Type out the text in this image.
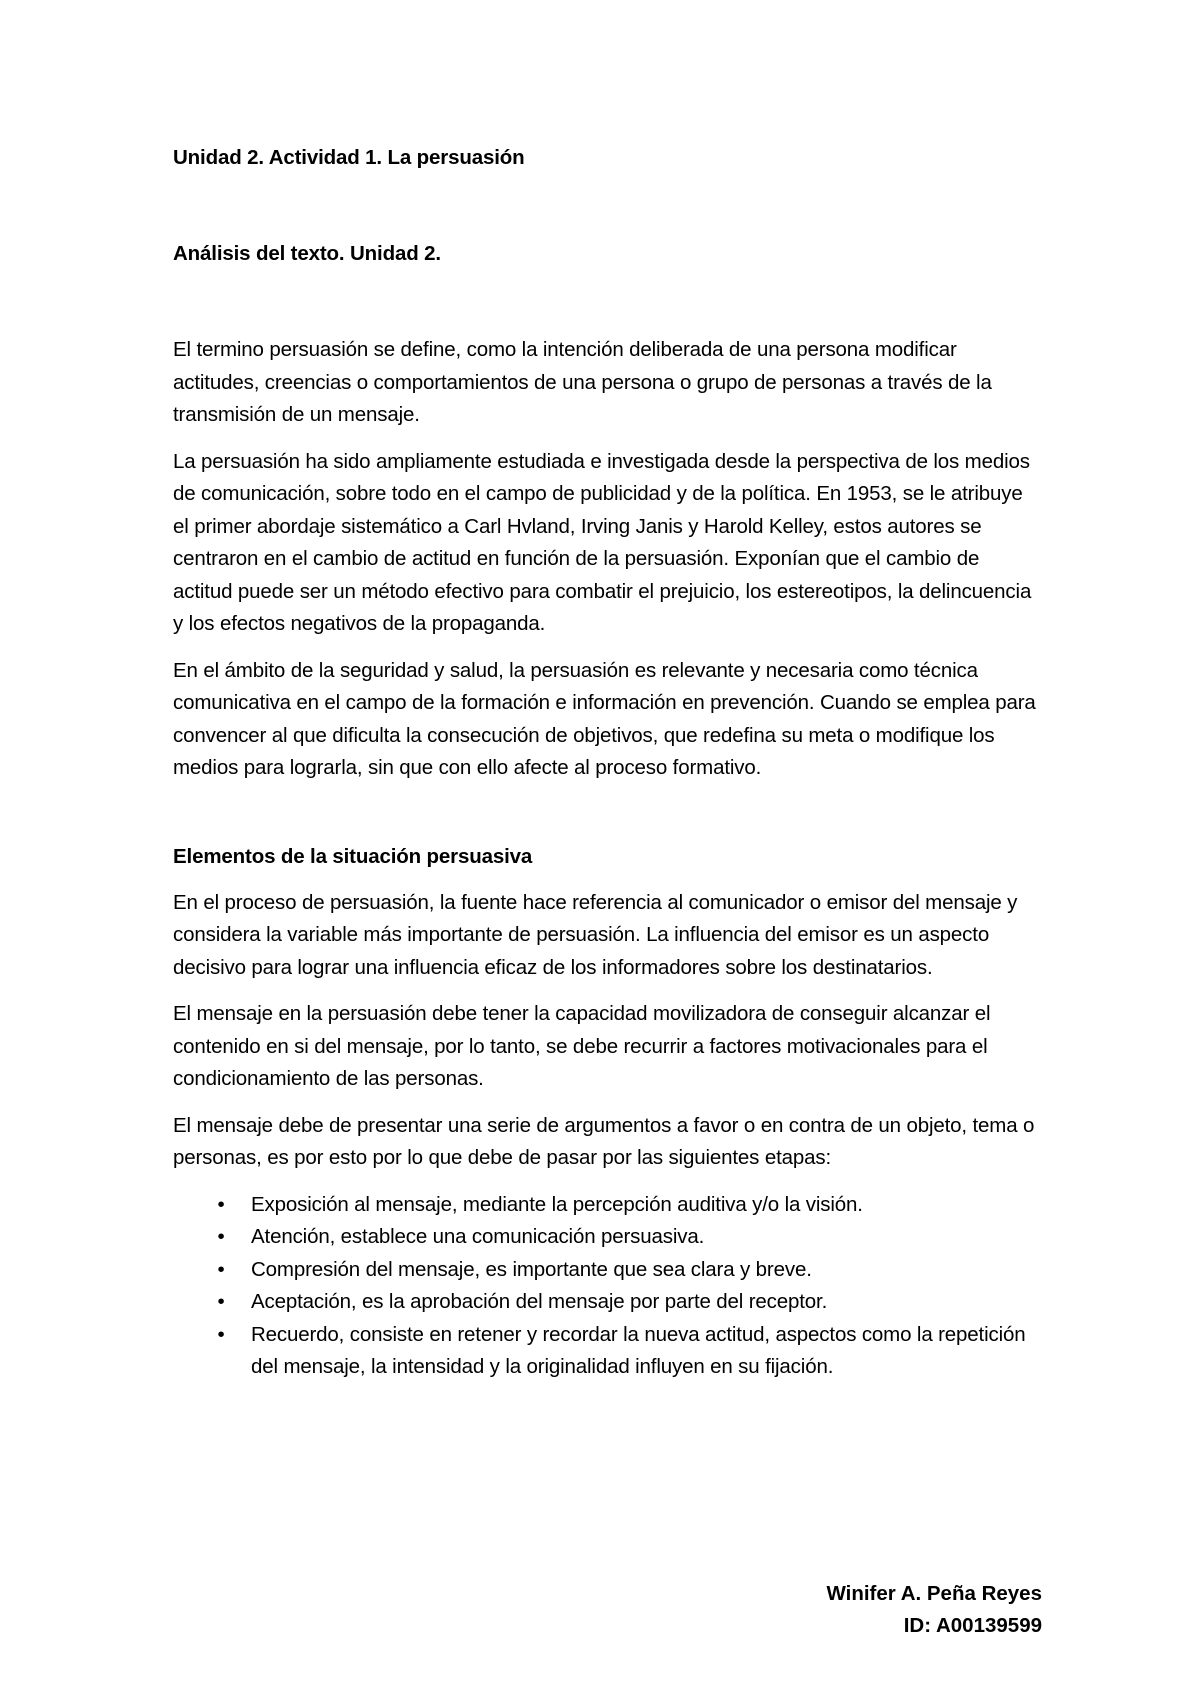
Unidad 2. Actividad 1. La persuasión

Análisis del texto. Unidad 2.

El termino persuasión se define, como la intención deliberada de una persona modificar actitudes, creencias o comportamientos de una persona o grupo de personas a través de la transmisión de un mensaje.

La persuasión ha sido ampliamente estudiada e investigada desde la perspectiva de los medios de comunicación, sobre todo en el campo de publicidad y de la política. En 1953, se le atribuye el primer abordaje sistemático a Carl Hvland, Irving Janis y Harold Kelley, estos autores se centraron en el cambio de actitud en función de la persuasión. Exponían que el cambio de actitud puede ser un método efectivo para combatir el prejuicio, los estereotipos, la delincuencia y los efectos negativos de la propaganda.

En el ámbito de la seguridad y salud, la persuasión es relevante y necesaria como técnica comunicativa en el campo de la formación e información en prevención. Cuando se emplea para convencer al que dificulta la consecución de objetivos, que redefina su meta o modifique los medios para lograrla, sin que con ello afecte al proceso formativo.

Elementos de la situación persuasiva

En el proceso de persuasión, la fuente hace referencia al comunicador o emisor del mensaje y considera la variable más importante de persuasión. La influencia del emisor es un aspecto decisivo para lograr una influencia eficaz de los informadores sobre los destinatarios.

El mensaje en la persuasión debe tener la capacidad movilizadora de conseguir alcanzar el contenido en si del mensaje, por lo tanto, se debe recurrir a factores motivacionales para el condicionamiento de las personas.

El mensaje debe de presentar una serie de argumentos a favor o en contra de un objeto, tema o personas, es por esto por lo que debe de pasar por las siguientes etapas:

•	Exposición al mensaje, mediante la percepción auditiva y/o la visión.
•	Atención, establece una comunicación persuasiva.
•	Compresión del mensaje, es importante que sea clara y breve.
•	Aceptación, es la aprobación del mensaje por parte del receptor.
•	Recuerdo, consiste en retener y recordar la nueva actitud, aspectos como la repetición del mensaje, la intensidad y la originalidad influyen en su fijación.
Winifer A. Peña Reyes
ID: A00139599
